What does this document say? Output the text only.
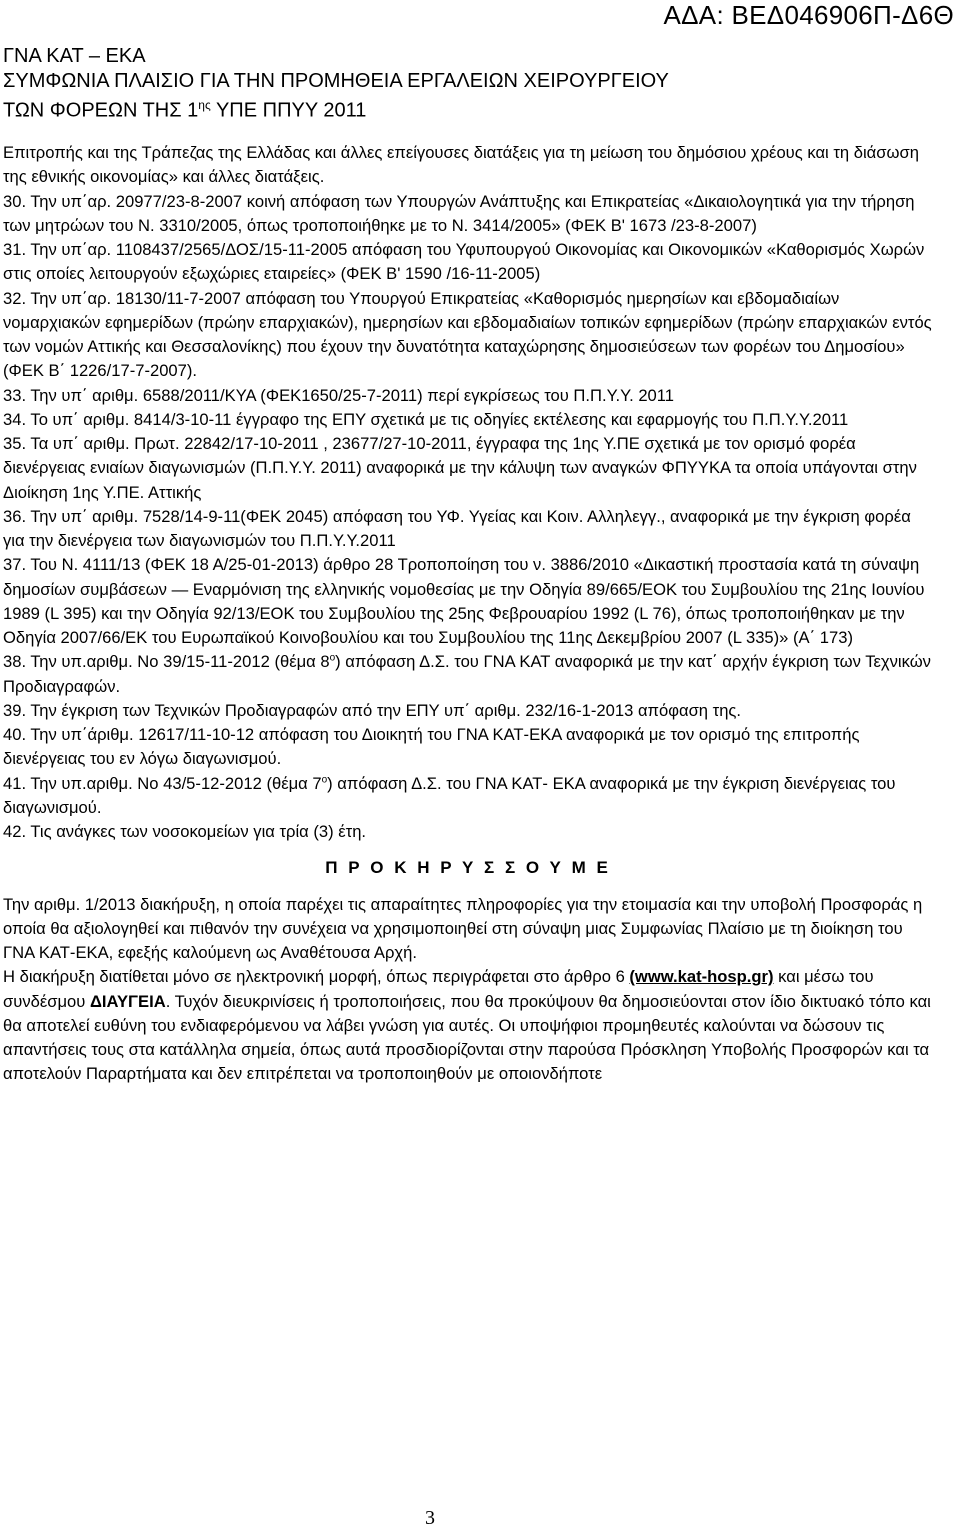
ΑΔΑ: ΒΕΔ046906Π-Δ6Θ
ΓΝΑ ΚΑΤ – ΕΚΑ
ΣΥΜΦΩΝΙΑ ΠΛΑΙΣΙΟ ΓΙΑ ΤΗΝ ΠΡΟΜΗΘΕΙΑ ΕΡΓΑΛΕΙΩΝ ΧΕΙΡΟΥΡΓΕΙΟΥ
ΤΩΝ ΦΟΡΕΩΝ ΤΗΣ $1^{\eta\varsigma}$ ΥΠΕ ΠΠΥΥ 2011

Επιτροπής και της Τράπεζας της Ελλάδας και άλλες επείγουσες διατάξεις για τη μείωση του δημόσιου χρέους και τη διάσωση της εθνικής οικονομίας» και άλλες διατάξεις.

30. Την υπ΄αρ. 20977/23-8-2007 κοινή απόφαση των Υπουργών Ανάπτυξης και Επικρατείας «Δικαιολογητικά για την τήρηση των μητρώων του Ν. 3310/2005, όπως τροποποιήθηκε με το Ν. 3414/2005» (ΦΕΚ Β' 1673 /23-8-2007)

31. Την υπ΄αρ. 1108437/2565/ΔΟΣ/15-11-2005 απόφαση του Υφυπουργού Οικονομίας και Οικονομικών «Καθορισμός Χωρών στις οποίες λειτουργούν εξωχώριες εταιρείες» (ΦΕΚ Β' 1590 /16-11-2005)

32. Την υπ΄αρ. 18130/11-7-2007 απόφαση του Υπουργού Επικρατείας «Καθορισμός ημερησίων και εβδομαδιαίων νομαρχιακών εφημερίδων (πρώην επαρχιακών), ημερησίων και εβδομαδιαίων τοπικών εφημερίδων (πρώην επαρχιακών εντός των νομών Αττικής και Θεσσαλονίκης) που έχουν την δυνατότητα καταχώρησης δημοσιεύσεων των φορέων του Δημοσίου» (ΦΕΚ Β΄ 1226/17-7-2007).

33. Την υπ΄ αριθμ. 6588/2011/ΚΥΑ (ΦΕΚ1650/25-7-2011) περί εγκρίσεως του Π.Π.Υ.Υ. 2011

34. Το υπ΄ αριθμ. 8414/3-10-11 έγγραφο της ΕΠΥ σχετικά με τις οδηγίες εκτέλεσης και εφαρμογής του Π.Π.Υ.Υ.2011

35. Τα υπ΄ αριθμ. Πρωτ. 22842/17-10-2011 , 23677/27-10-2011, έγγραφα της 1ης Υ.ΠΕ σχετικά με τον ορισμό φορέα διενέργειας ενιαίων διαγωνισμών (Π.Π.Υ.Υ. 2011) αναφορικά με την κάλυψη των αναγκών ΦΠΥΥΚΑ τα οποία υπάγονται στην Διοίκηση 1ης Υ.ΠΕ. Αττικής

36. Την υπ΄ αριθμ. 7528/14-9-11(ΦΕΚ 2045) απόφαση του ΥΦ. Υγείας και Κοιν. Αλληλεγγ., αναφορικά με την έγκριση φορέα για την διενέργεια των διαγωνισμών του Π.Π.Υ.Υ.2011

37. Του Ν. 4111/13 (ΦΕΚ 18 Α/25-01-2013) άρθρο 28 Τροποποίηση του ν. 3886/2010 «Δικαστική προστασία κατά τη σύναψη δημοσίων συμβάσεων — Εναρμόνιση της ελληνικής νομοθεσίας με την Οδηγία 89/665/ΕΟΚ του Συμβουλίου της 21ης Ιουνίου 1989 (L 395) και την Οδηγία 92/13/ΕΟΚ του Συμβουλίου της 25ης Φεβρουαρίου 1992 (L 76), όπως τροποποιήθηκαν με την Οδηγία 2007/66/ΕΚ του Ευρωπαϊκού Κοινοβουλίου και του Συμβουλίου της 11ης Δεκεμβρίου 2007 (L 335)» (Α΄ 173)

38. Την υπ.αριθμ. Νο 39/15-11-2012 (θέμα $8^o$) απόφαση Δ.Σ. του ΓΝΑ ΚΑΤ αναφορικά με την κατ΄ αρχήν έγκριση των Τεχνικών Προδιαγραφών.

39. Την έγκριση των Τεχνικών Προδιαγραφών από την ΕΠΥ υπ΄ αριθμ. 232/16-1-2013 απόφαση της.

40. Την υπ΄άριθμ. 12617/11-10-12 απόφαση του Διοικητή του ΓΝΑ ΚΑΤ-ΕΚΑ αναφορικά με τον ορισμό της επιτροπής διενέργειας του εν λόγω διαγωνισμού.

41. Την υπ.αριθμ. Νο 43/5-12-2012 (θέμα $7^o$) απόφαση Δ.Σ. του ΓΝΑ ΚΑΤ- ΕΚΑ αναφορικά με την έγκριση διενέργειας του διαγωνισμού.

42. Τις ανάγκες των νοσοκομείων για τρία (3) έτη.

Π Ρ Ο Κ Η Ρ Υ Σ Σ Ο Υ Μ Ε

Την αριθμ. 1/2013 διακήρυξη, η οποία παρέχει τις απαραίτητες πληροφορίες για την ετοιμασία και την υποβολή Προσφοράς η οποία θα αξιολογηθεί και πιθανόν την συνέχεια να χρησιμοποιηθεί στη σύναψη μιας Συμφωνίας Πλαίσιο με τη διοίκηση του ΓΝΑ ΚΑΤ-ΕΚΑ, εφεξής καλούμενη ως Αναθέτουσα Αρχή.

Η διακήρυξη διατίθεται μόνο σε ηλεκτρονική μορφή, όπως περιγράφεται στο άρθρο 6 (www.kat-hosp.gr) και μέσω του συνδέσμου ΔΙΑΥΓΕΙΑ. Τυχόν διευκρινίσεις ή τροποποιήσεις, που θα προκύψουν θα δημοσιεύονται στον ίδιο δικτυακό τόπο και θα αποτελεί ευθύνη του ενδιαφερόμενου να λάβει γνώση για αυτές. Οι υποψήφιοι προμηθευτές καλούνται να δώσουν τις απαντήσεις τους στα κατάλληλα σημεία, όπως αυτά προσδιορίζονται στην παρούσα Πρόσκληση Υποβολής Προσφορών και τα αποτελούν Παραρτήματα και δεν επιτρέπεται να τροποποιηθούν με οποιονδήποτε

3
